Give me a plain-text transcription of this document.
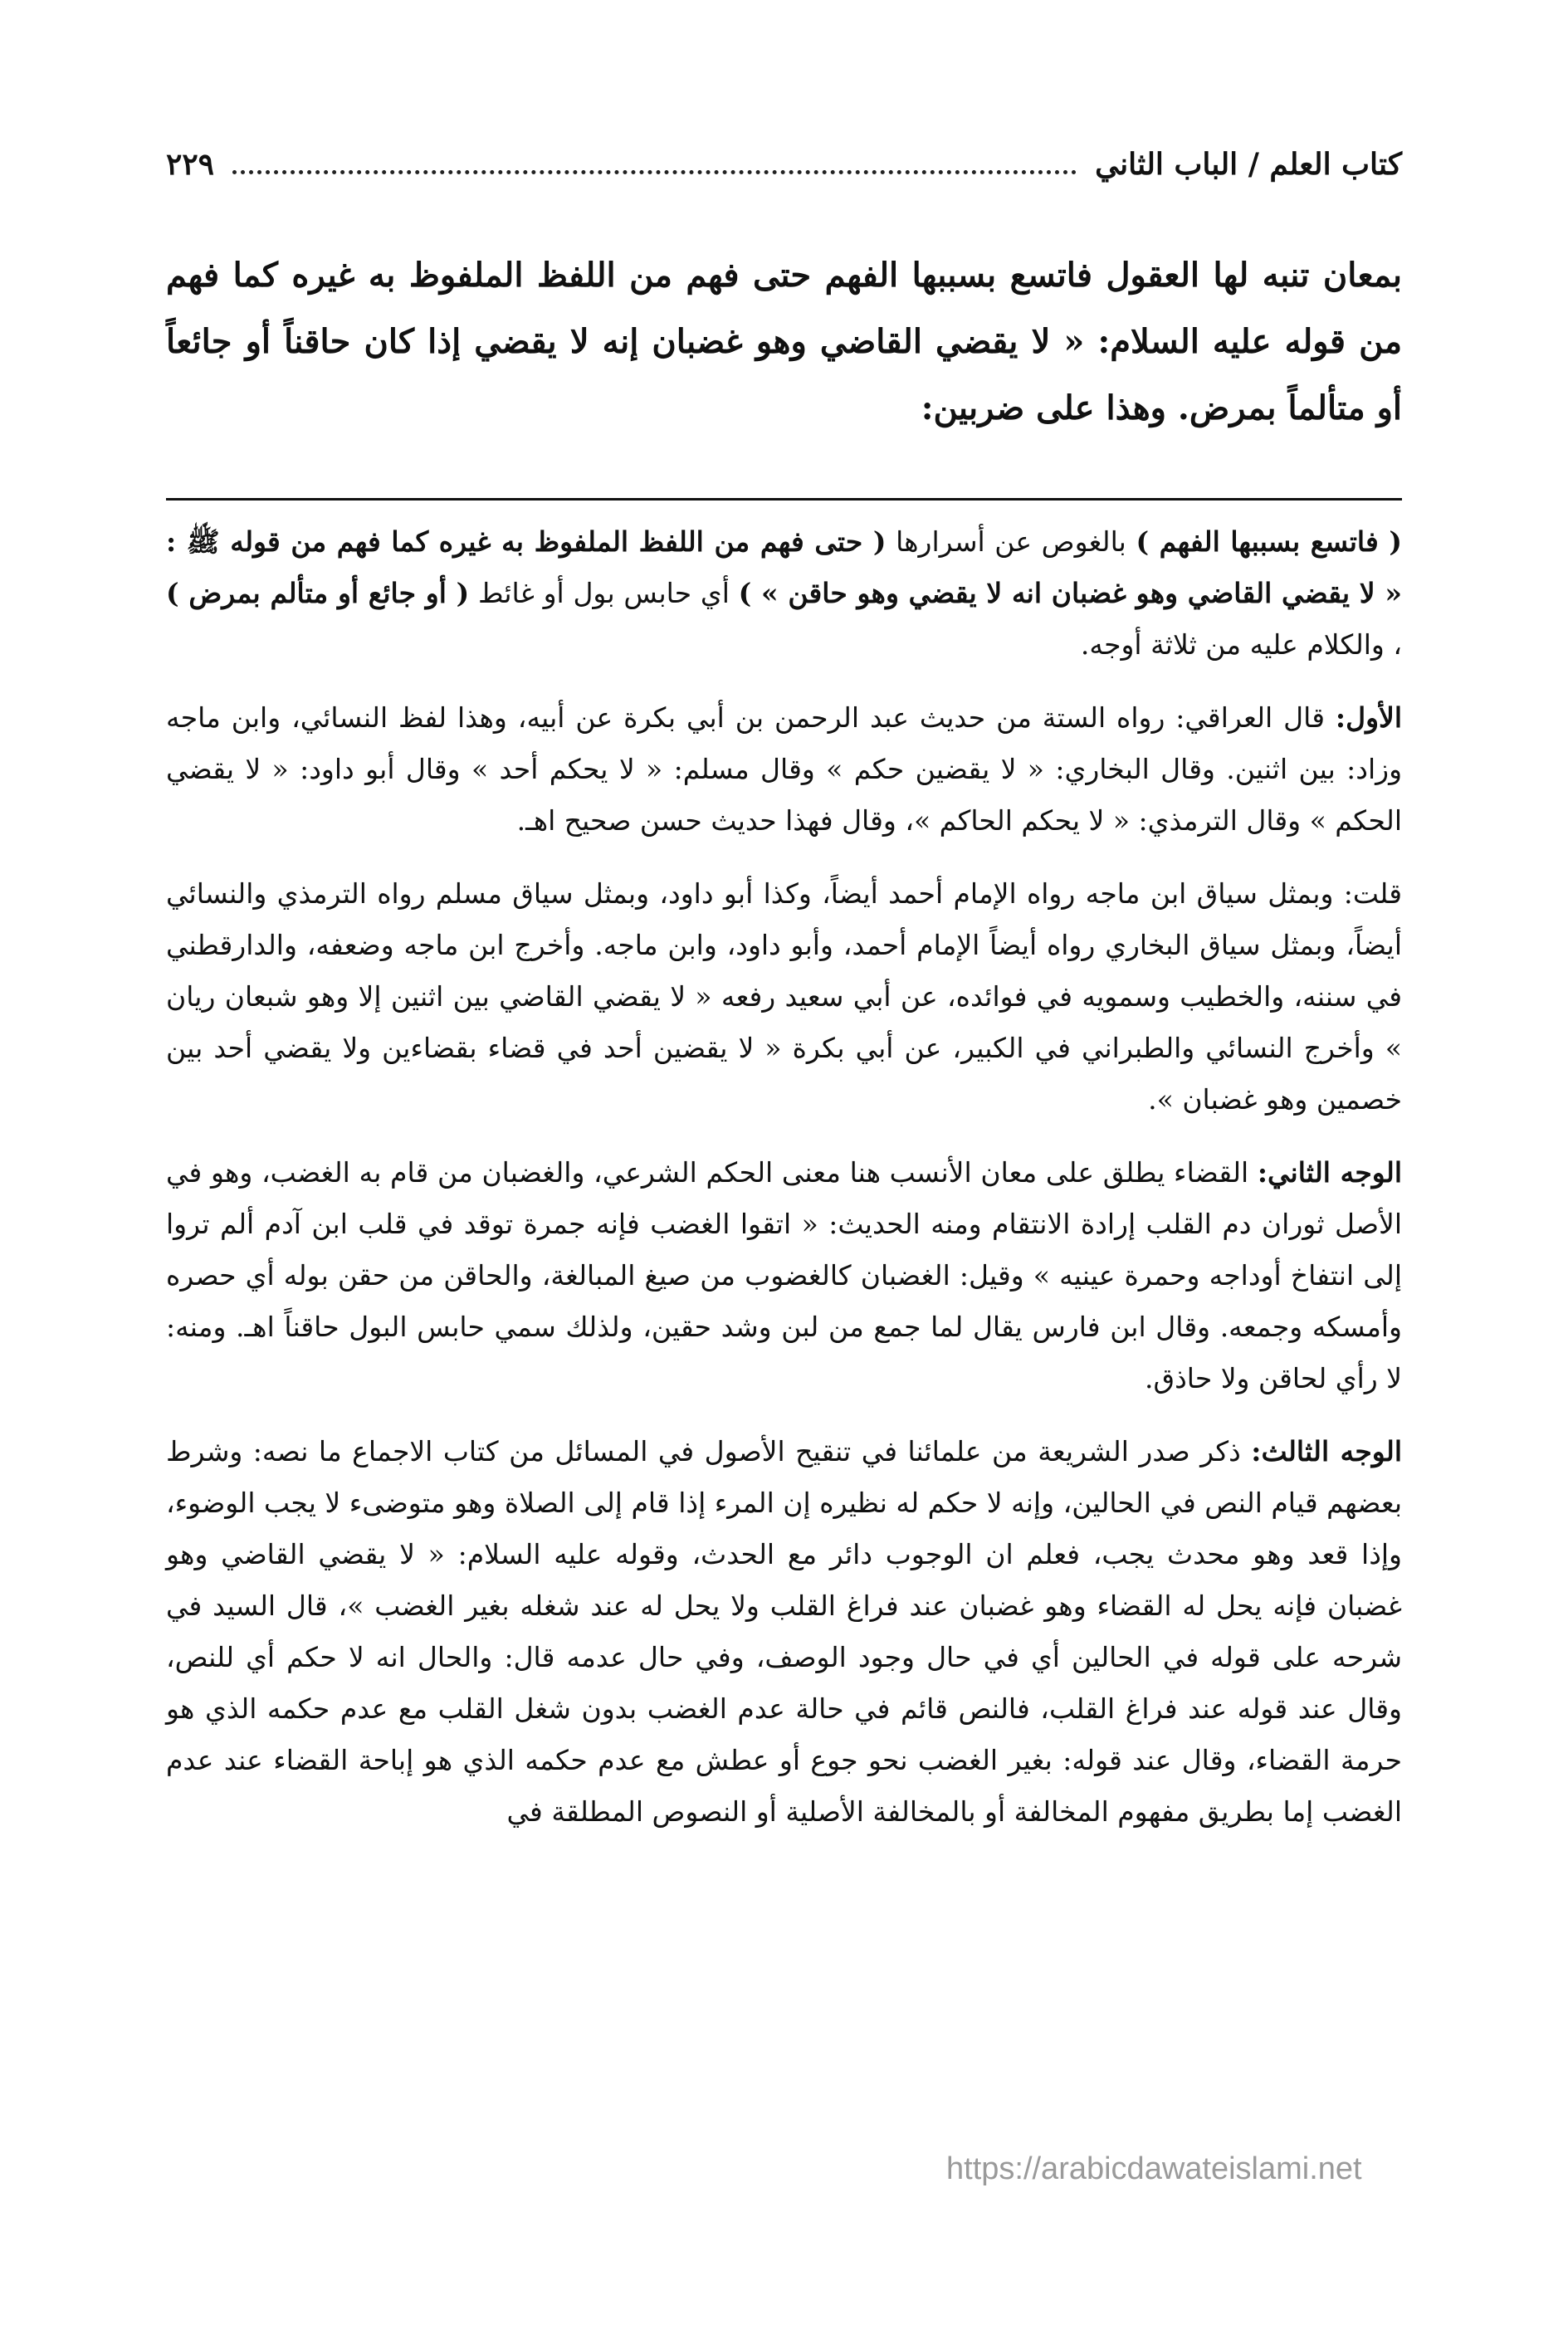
كتاب العلم / الباب الثاني
٢٢٩

بمعان تنبه لها العقول فاتسع بسببها الفهم حتى فهم من اللفظ الملفوظ به غيره كما فهم من قوله عليه السلام: « لا يقضي القاضي وهو غضبان إنه لا يقضي إذا كان حاقناً أو جائعاً أو متألماً بمرض. وهذا على ضربين:

( فاتسع بسببها الفهم ) بالغوص عن أسرارها ( حتى فهم من اللفظ الملفوظ به غيره كما فهم من قوله ﷺ : « لا يقضي القاضي وهو غضبان انه لا يقضي وهو حاقن » ) أي حابس بول أو غائط ( أو جائع أو متألم بمرض ) ، والكلام عليه من ثلاثة أوجه.

الأول: قال العراقي: رواه الستة من حديث عبد الرحمن بن أبي بكرة عن أبيه، وهذا لفظ النسائي، وابن ماجه وزاد: بين اثنين. وقال البخاري: « لا يقضين حكم » وقال مسلم: « لا يحكم أحد » وقال أبو داود: « لا يقضي الحكم » وقال الترمذي: « لا يحكم الحاكم »، وقال فهذا حديث حسن صحيح اهـ.

قلت: وبمثل سياق ابن ماجه رواه الإمام أحمد أيضاً، وكذا أبو داود، وبمثل سياق مسلم رواه الترمذي والنسائي أيضاً، وبمثل سياق البخاري رواه أيضاً الإمام أحمد، وأبو داود، وابن ماجه. وأخرج ابن ماجه وضعفه، والدارقطني في سننه، والخطيب وسمويه في فوائده، عن أبي سعيد رفعه « لا يقضي القاضي بين اثنين إلا وهو شبعان ريان » وأخرج النسائي والطبراني في الكبير، عن أبي بكرة « لا يقضين أحد في قضاء بقضاءين ولا يقضي أحد بين خصمين وهو غضبان ».

الوجه الثاني: القضاء يطلق على معان الأنسب هنا معنى الحكم الشرعي، والغضبان من قام به الغضب، وهو في الأصل ثوران دم القلب إرادة الانتقام ومنه الحديث: « اتقوا الغضب فإنه جمرة توقد في قلب ابن آدم ألم تروا إلى انتفاخ أوداجه وحمرة عينيه » وقيل: الغضبان كالغضوب من صيغ المبالغة، والحاقن من حقن بوله أي حصره وأمسكه وجمعه. وقال ابن فارس يقال لما جمع من لبن وشد حقين، ولذلك سمي حابس البول حاقناً اهـ. ومنه: لا رأي لحاقن ولا حاذق.

الوجه الثالث: ذكر صدر الشريعة من علمائنا في تنقيح الأصول في المسائل من كتاب الاجماع ما نصه: وشرط بعضهم قيام النص في الحالين، وإنه لا حكم له نظيره إن المرء إذا قام إلى الصلاة وهو متوضىء لا يجب الوضوء، وإذا قعد وهو محدث يجب، فعلم ان الوجوب دائر مع الحدث، وقوله عليه السلام: « لا يقضي القاضي وهو غضبان فإنه يحل له القضاء وهو غضبان عند فراغ القلب ولا يحل له عند شغله بغير الغضب »، قال السيد في شرحه على قوله في الحالين أي في حال وجود الوصف، وفي حال عدمه قال: والحال انه لا حكم أي للنص، وقال عند قوله عند فراغ القلب، فالنص قائم في حالة عدم الغضب بدون شغل القلب مع عدم حكمه الذي هو حرمة القضاء، وقال عند قوله: بغير الغضب نحو جوع أو عطش مع عدم حكمه الذي هو إباحة القضاء عند عدم الغضب إما بطريق مفهوم المخالفة أو بالمخالفة الأصلية أو النصوص المطلقة في

https://arabicdawateislami.net
